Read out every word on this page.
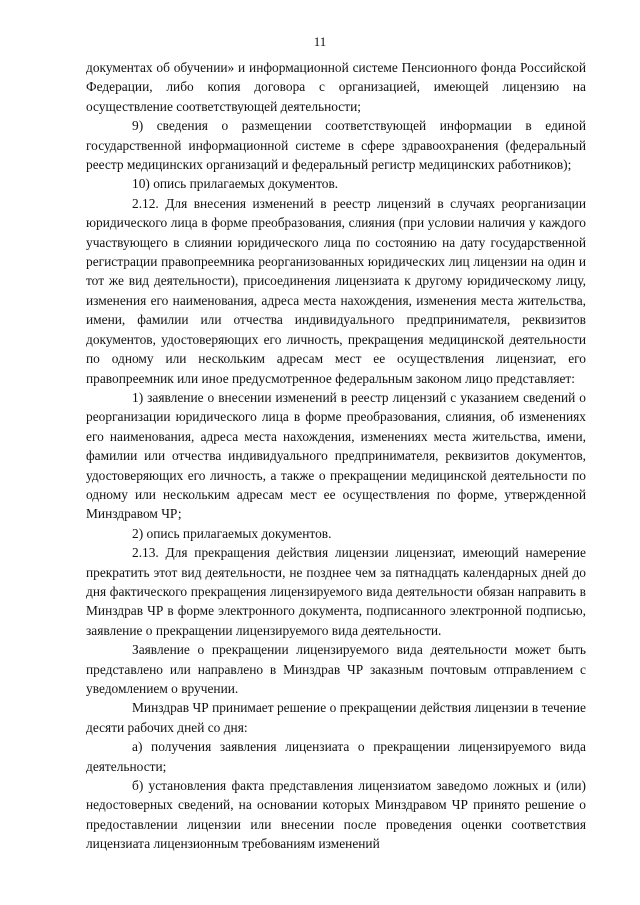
11

документах об обучении» и информационной системе Пенсионного фонда Российской Федерации, либо копия договора с организацией, имеющей лицензию на осуществление соответствующей деятельности;

9) сведения о размещении соответствующей информации в единой государственной информационной системе в сфере здравоохранения (федеральный реестр медицинских организаций и федеральный регистр медицинских работников);

10) опись прилагаемых документов.

2.12. Для внесения изменений в реестр лицензий в случаях реорганизации юридического лица в форме преобразования, слияния (при условии наличия у каждого участвующего в слиянии юридического лица по состоянию на дату государственной регистрации правопреемника реорганизованных юридических лиц лицензии на один и тот же вид деятельности), присоединения лицензиата к другому юридическому лицу, изменения его наименования, адреса места нахождения, изменения места жительства, имени, фамилии или отчества индивидуального предпринимателя, реквизитов документов, удостоверяющих его личность, прекращения медицинской деятельности по одному или нескольким адресам мест ее осуществления лицензиат, его правопреемник или иное предусмотренное федеральным законом лицо представляет:

1) заявление о внесении изменений в реестр лицензий с указанием сведений о реорганизации юридического лица в форме преобразования, слияния, об изменениях его наименования, адреса места нахождения, изменениях места жительства, имени, фамилии или отчества индивидуального предпринимателя, реквизитов документов, удостоверяющих его личность, а также о прекращении медицинской деятельности по одному или нескольким адресам мест ее осуществления по форме, утвержденной Минздравом ЧР;

2) опись прилагаемых документов.

2.13. Для прекращения действия лицензии лицензиат, имеющий намерение прекратить этот вид деятельности, не позднее чем за пятнадцать календарных дней до дня фактического прекращения лицензируемого вида деятельности обязан направить в Минздрав ЧР в форме электронного документа, подписанного электронной подписью, заявление о прекращении лицензируемого вида деятельности.

Заявление о прекращении лицензируемого вида деятельности может быть представлено или направлено в Минздрав ЧР заказным почтовым отправлением с уведомлением о вручении.

Минздрав ЧР принимает решение о прекращении действия лицензии в течение десяти рабочих дней со дня:

а) получения заявления лицензиата о прекращении лицензируемого вида деятельности;

б) установления факта представления лицензиатом заведомо ложных и (или) недостоверных сведений, на основании которых Минздравом ЧР принято решение о предоставлении лицензии или внесении после проведения оценки соответствия лицензиата лицензионным требованиям изменений
